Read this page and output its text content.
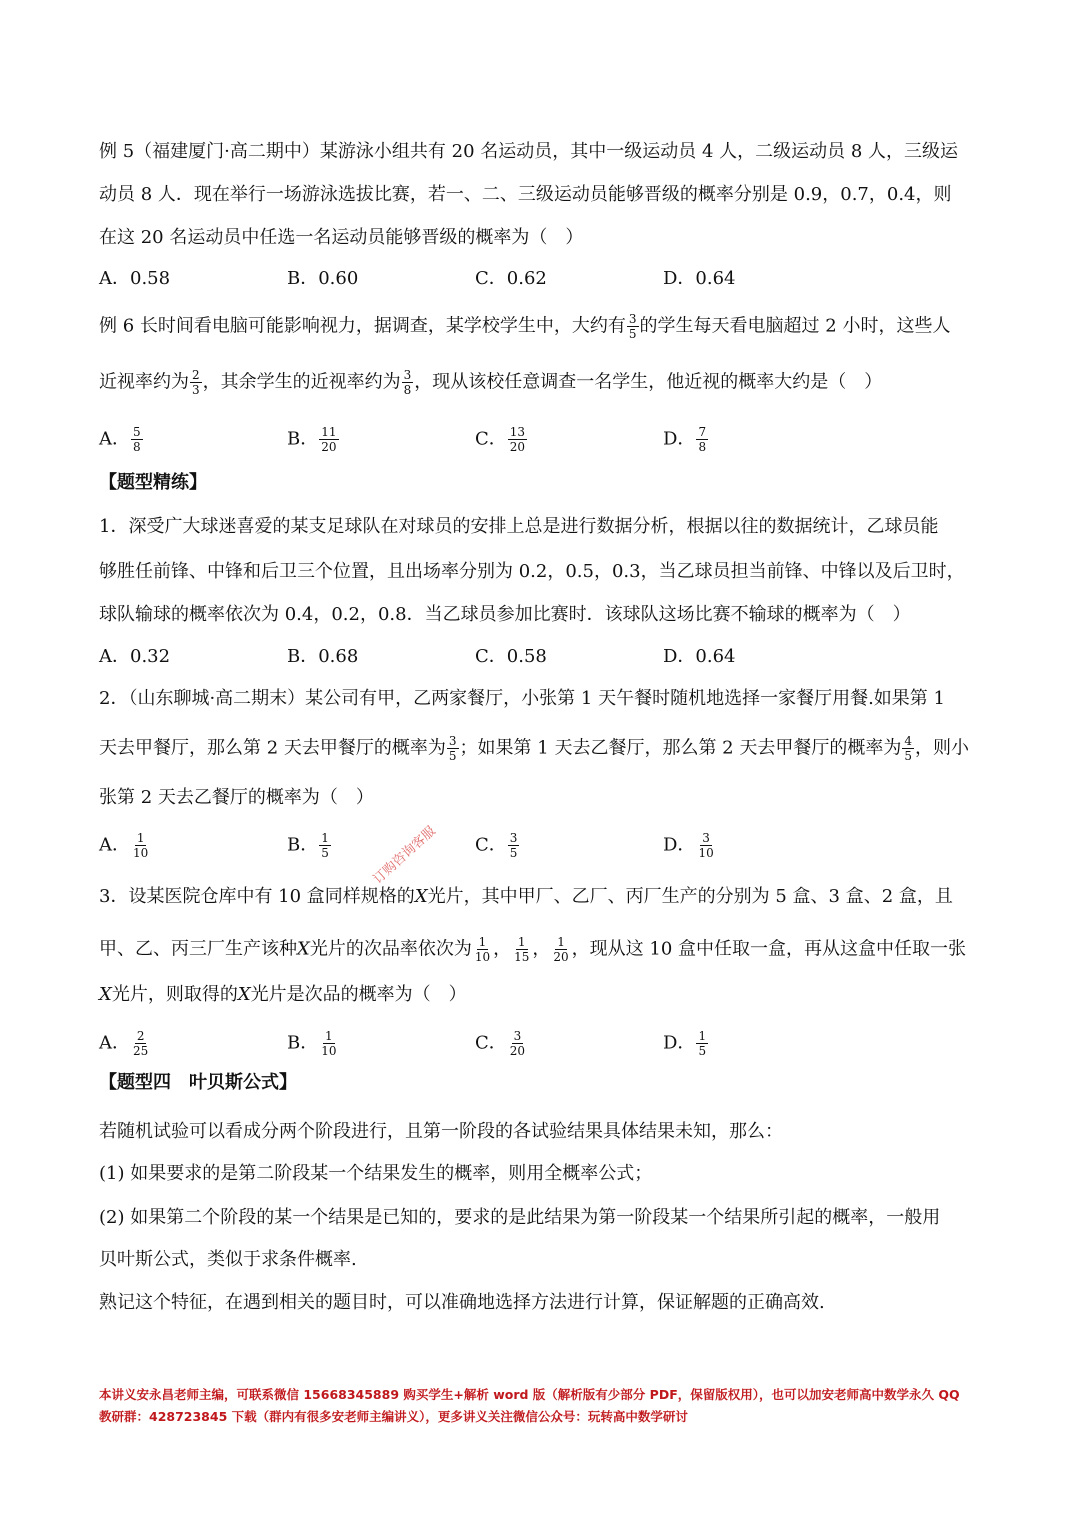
例 5（福建厦门·高二期中）某游泳小组共有 20 名运动员，其中一级运动员 4 人，二级运动员 8 人，三级运
动员 8 人．现在举行一场游泳选拔比赛，若一、二、三级运动员能够晋级的概率分别是 0.9，0.7，0.4，则
在这 20 名运动员中任选一名运动员能够晋级的概率为（　）
A．0.58	B．0.60	C．0.62	D．0.64
例 6 长时间看电脑可能影响视力，据调查，某学校学生中，大约有 $\frac{3}{5}$ 的学生每天看电脑超过 2 小时，这些人
近视率约为 $\frac{2}{3}$ ，其余学生的近视率约为 $\frac{3}{8}$ ，现从该校任意调查一名学生，他近视的概率大约是（　）
A． $\frac{5}{8}$	B． $\frac{11}{20}$	C． $\frac{13}{20}$	D． $\frac{7}{8}$
【题型精练】
1．深受广大球迷喜爱的某支足球队在对球员的安排上总是进行数据分析，根据以往的数据统计，乙球员能
够胜任前锋、中锋和后卫三个位置，且出场率分别为 0.2，0.5，0.3，当乙球员担当前锋、中锋以及后卫时，
球队输球的概率依次为 0.4，0.2，0.8．当乙球员参加比赛时．该球队这场比赛不输球的概率为（　）
A．0.32	B．0.68	C．0.58	D．0.64
2．（山东聊城·高二期末）某公司有甲，乙两家餐厅，小张第 1 天午餐时随机地选择一家餐厅用餐.如果第 1
天去甲餐厅，那么第 2 天去甲餐厅的概率为 $\frac{3}{5}$ ；如果第 1 天去乙餐厅，那么第 2 天去甲餐厅的概率为 $\frac{4}{5}$ ，则小
张第 2 天去乙餐厅的概率为（　）
A． $\frac{1}{10}$	B． $\frac{1}{5}$	C． $\frac{3}{5}$	D． $\frac{3}{10}$
订购咨询客服
3．设某医院仓库中有 10 盒同样规格的X光片，其中甲厂、乙厂、丙厂生产的分别为 5 盒、3 盒、2 盒，且
甲、乙、丙三厂生产该种X光片的次品率依次为 $\frac{1}{10}$ ， $\frac{1}{15}$ ， $\frac{1}{20}$ ，现从这 10 盒中任取一盒，再从这盒中任取一张
X光片，则取得的X光片是次品的概率为（　）
A． $\frac{2}{25}$	B． $\frac{1}{10}$	C． $\frac{3}{20}$	D． $\frac{1}{5}$
【题型四　叶贝斯公式】
若随机试验可以看成分两个阶段进行，且第一阶段的各试验结果具体结果未知，那么：
(1) 如果要求的是第二阶段某一个结果发生的概率，则用全概率公式；
(2) 如果第二个阶段的某一个结果是已知的，要求的是此结果为第一阶段某一个结果所引起的概率，一般用
贝叶斯公式，类似于求条件概率.
熟记这个特征，在遇到相关的题目时，可以准确地选择方法进行计算，保证解题的正确高效.
本讲义安永昌老师主编，可联系微信 15668345889 购买学生+解析 word 版（解析版有少部分 PDF，保留版权用），也可以加安老师高中数学永久 QQ
教研群：428723845 下载（群内有很多安老师主编讲义），更多讲义关注微信公众号：玩转高中数学研讨
